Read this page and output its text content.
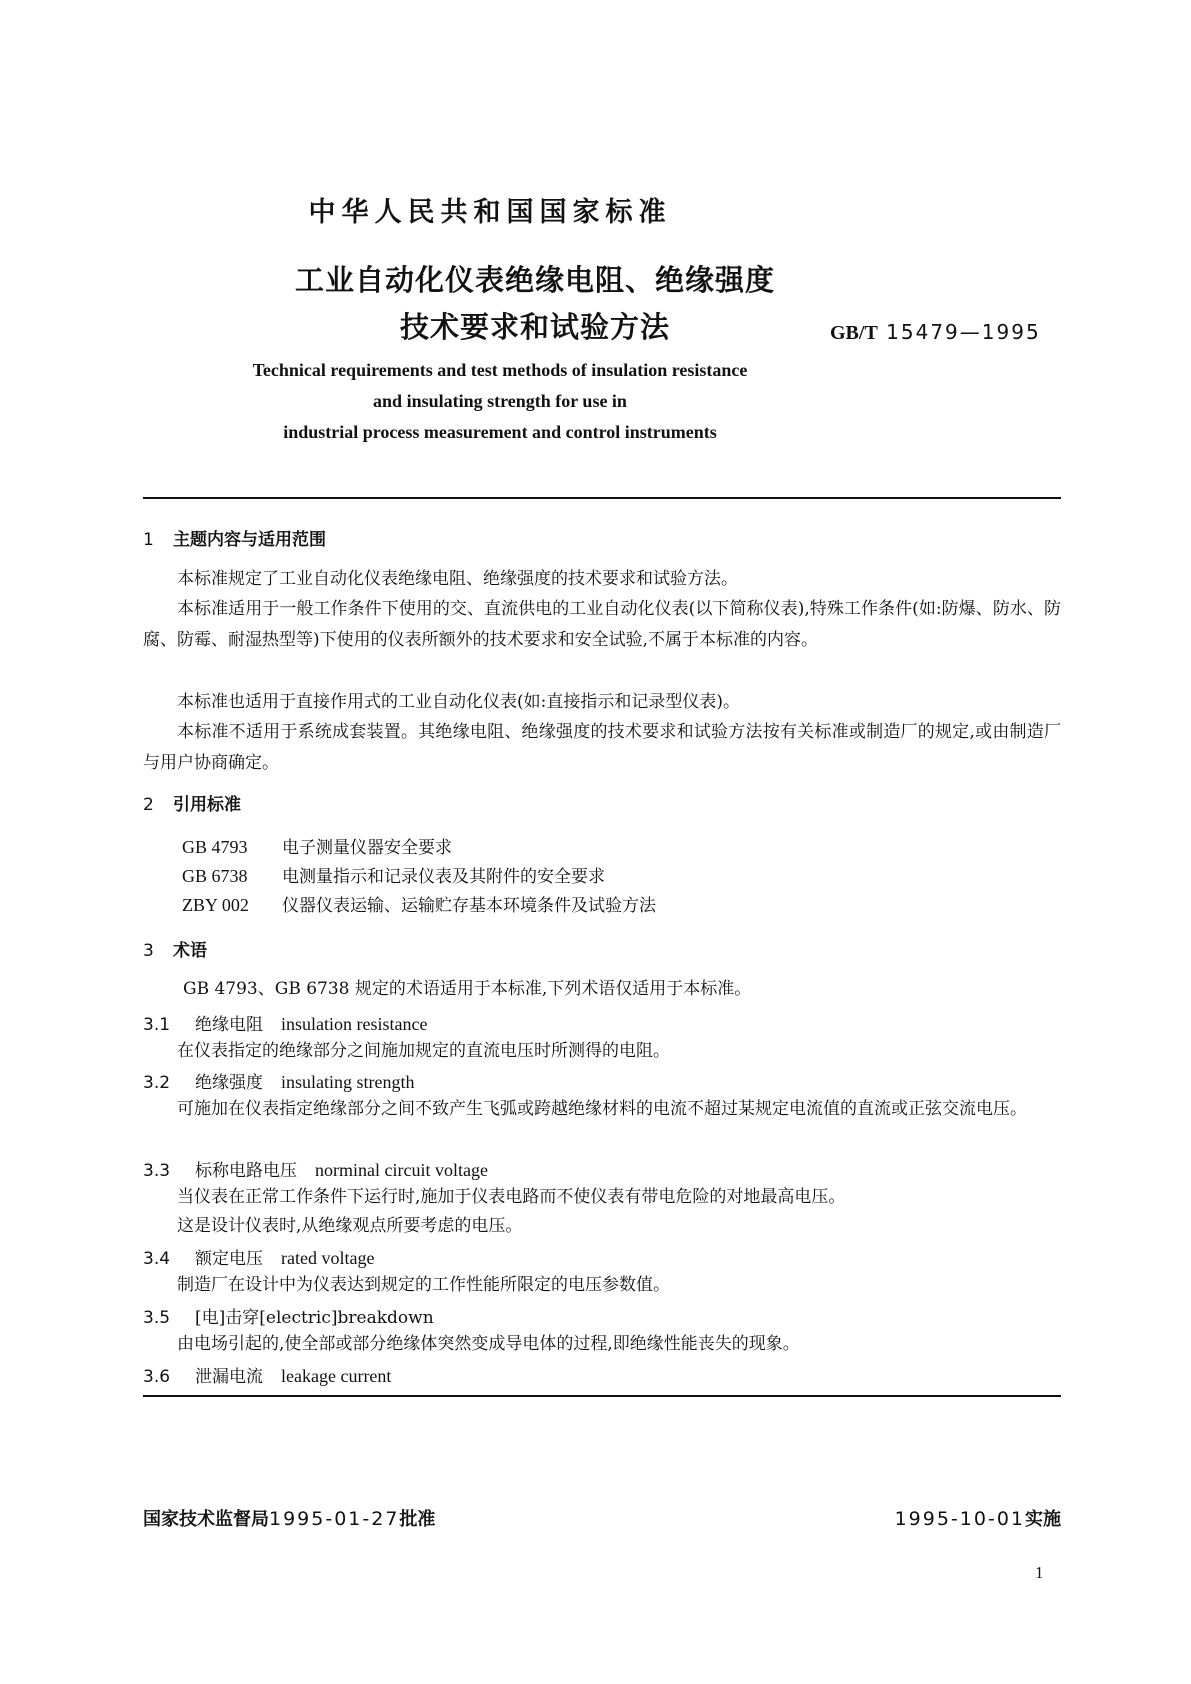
中华人民共和国国家标准
工业自动化仪表绝缘电阻、绝缘强度
技术要求和试验方法	GB/T 15479—1995
Technical requirements and test methods of insulation resistance
and insulating strength for use in
industrial process measurement and control instruments
1 主题内容与适用范围

本标准规定了工业自动化仪表绝缘电阻、绝缘强度的技术要求和试验方法。

本标准适用于一般工作条件下使用的交、直流供电的工业自动化仪表(以下简称仪表),特殊工作条件(如:防爆、防水、防腐、防霉、耐湿热型等)下使用的仪表所额外的技术要求和安全试验,不属于本标准的内容。

本标准也适用于直接作用式的工业自动化仪表(如:直接指示和记录型仪表)。

本标准不适用于系统成套装置。其绝缘电阻、绝缘强度的技术要求和试验方法按有关标准或制造厂的规定,或由制造厂与用户协商确定。

2 引用标准
GB 4793 电子测量仪器安全要求
GB 6738 电测量指示和记录仪表及其附件的安全要求
ZBY 002 仪器仪表运输、运输贮存基本环境条件及试验方法
3 术语

GB 4793、GB 6738 规定的术语适用于本标准,下列术语仅适用于本标准。

3.1 绝缘电阻 insulation resistance

在仪表指定的绝缘部分之间施加规定的直流电压时所测得的电阻。

3.2 绝缘强度 insulating strength

可施加在仪表指定绝缘部分之间不致产生飞弧或跨越绝缘材料的电流不超过某规定电流值的直流或正弦交流电压。

3.3 标称电路电压 norminal circuit voltage

当仪表在正常工作条件下运行时,施加于仪表电路而不使仪表有带电危险的对地最高电压。

这是设计仪表时,从绝缘观点所要考虑的电压。

3.4 额定电压 rated voltage

制造厂在设计中为仪表达到规定的工作性能所限定的电压参数值。

3.5 [电]击穿[electric]breakdown

由电场引起的,使全部或部分绝缘体突然变成导电体的过程,即绝缘性能丧失的现象。

3.6 泄漏电流 leakage current
国家技术监督局1995-01-27批准	1995-10-01实施
1
